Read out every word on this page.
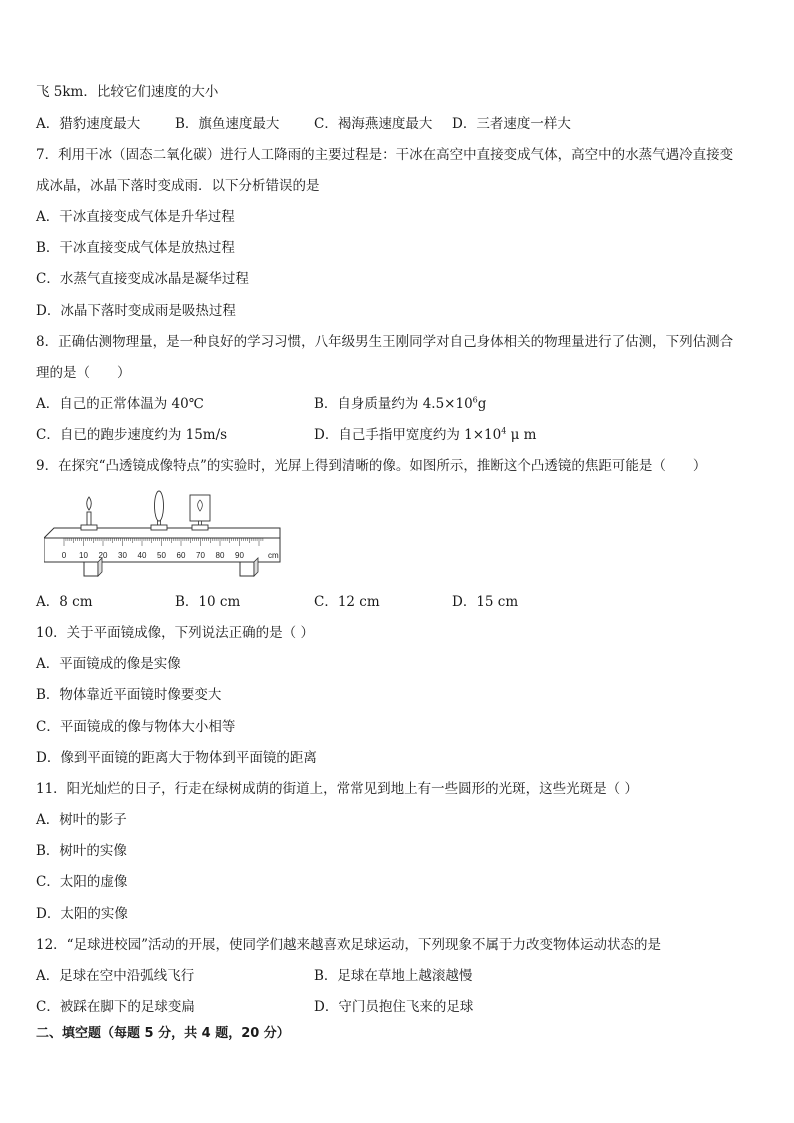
飞 5km．比较它们速度的大小
A．猎豹速度最大	B．旗鱼速度最大	C．褐海燕速度最大 D．三者速度一样大
7．利用干冰（固态二氧化碳）进行人工降雨的主要过程是：干冰在高空中直接变成气体，高空中的水蒸气遇冷直接变
成冰晶，冰晶下落时变成雨．以下分析错误的是
A．干冰直接变成气体是升华过程
B．干冰直接变成气体是放热过程
C．水蒸气直接变成冰晶是凝华过程
D．冰晶下落时变成雨是吸热过程
8．正确估测物理量，是一种良好的学习习惯，八年级男生王刚同学对自己身体相关的物理量进行了估测，下列估测合
理的是（　　）
A．自己的正常体温为 40℃	B．自身质量约为 $4.5\times 10^6g$
C．自已的跑步速度约为 15m/s	D．自己手指甲宽度约为 $1\times 10^4$ μ m
9．在探究“凸透镜成像特点”的实验时，光屏上得到清晰的像。如图所示，推断这个凸透镜的焦距可能是（　　）
0 10 20 30 40 50 60 70 80 90	cm
A．8 cm	B．10 cm	C．12 cm	D．15 cm
10．关于平面镜成像，下列说法正确的是（ ）
A．平面镜成的像是实像
B．物体靠近平面镜时像要变大
C．平面镜成的像与物体大小相等
D．像到平面镜的距离大于物体到平面镜的距离
11．阳光灿烂的日子，行走在绿树成荫的街道上，常常见到地上有一些圆形的光斑，这些光斑是（ ）
A．树叶的影子
B．树叶的实像
C．太阳的虚像
D．太阳的实像
12．“足球进校园”活动的开展，使同学们越来越喜欢足球运动，下列现象不属于力改变物体运动状态的是
A．足球在空中沿弧线飞行	B．足球在草地上越滚越慢
C．被踩在脚下的足球变扁	D．守门员抱住飞来的足球
二、填空题（每题 5 分，共 4 题，20 分）
